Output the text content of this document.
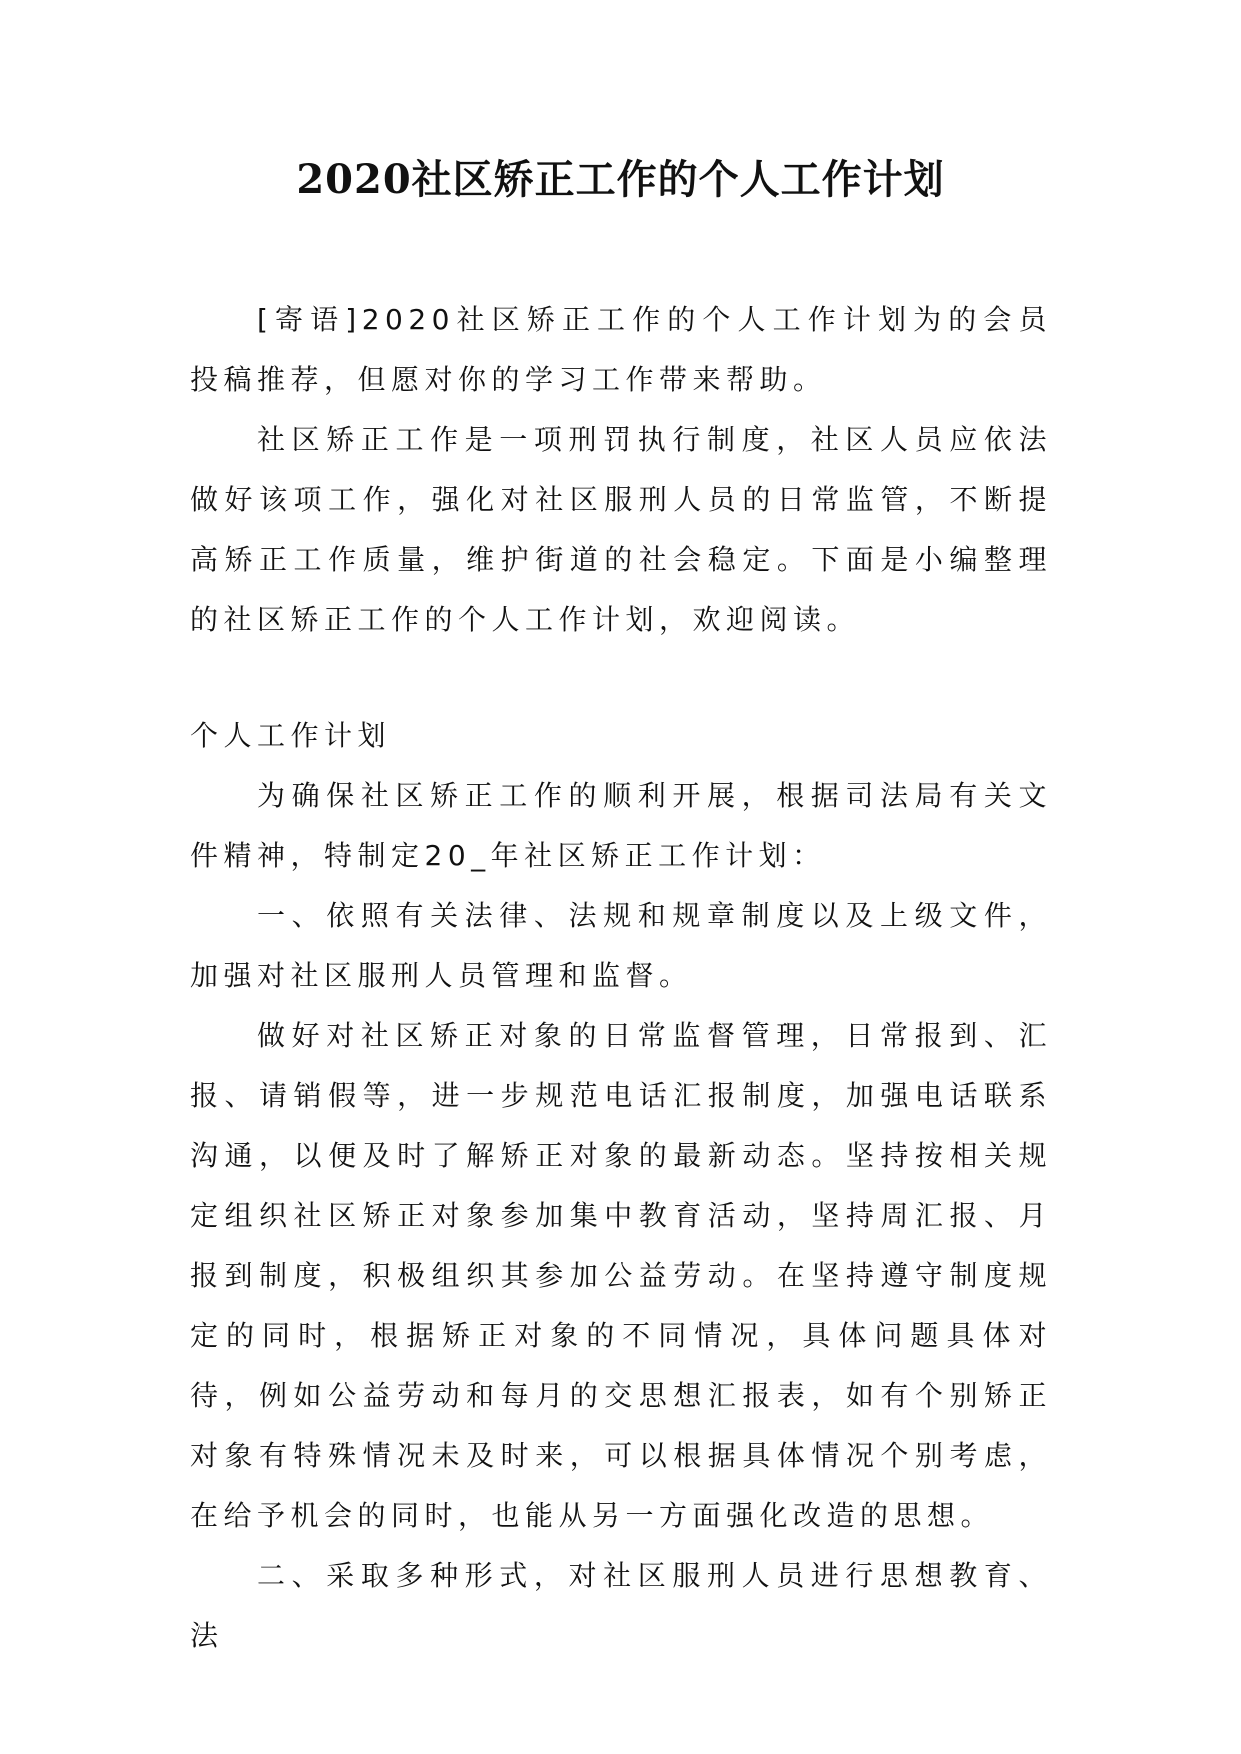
2020社区矫正工作的个人工作计划

[寄语]2020社区矫正工作的个人工作计划为的会员投稿推荐，但愿对你的学习工作带来帮助。

社区矫正工作是一项刑罚执行制度，社区人员应依法做好该项工作，强化对社区服刑人员的日常监管，不断提高矫正工作质量，维护街道的社会稳定。下面是小编整理的社区矫正工作的个人工作计划，欢迎阅读。

个人工作计划

为确保社区矫正工作的顺利开展，根据司法局有关文件精神，特制定20_年社区矫正工作计划：

一、依照有关法律、法规和规章制度以及上级文件，加强对社区服刑人员管理和监督。

做好对社区矫正对象的日常监督管理，日常报到、汇报、请销假等，进一步规范电话汇报制度，加强电话联系沟通，以便及时了解矫正对象的最新动态。坚持按相关规定组织社区矫正对象参加集中教育活动，坚持周汇报、月报到制度，积极组织其参加公益劳动。在坚持遵守制度规定的同时，根据矫正对象的不同情况，具体问题具体对待，例如公益劳动和每月的交思想汇报表，如有个别矫正对象有特殊情况未及时来，可以根据具体情况个别考虑，在给予机会的同时，也能从另一方面强化改造的思想。

二、采取多种形式，对社区服刑人员进行思想教育、法
